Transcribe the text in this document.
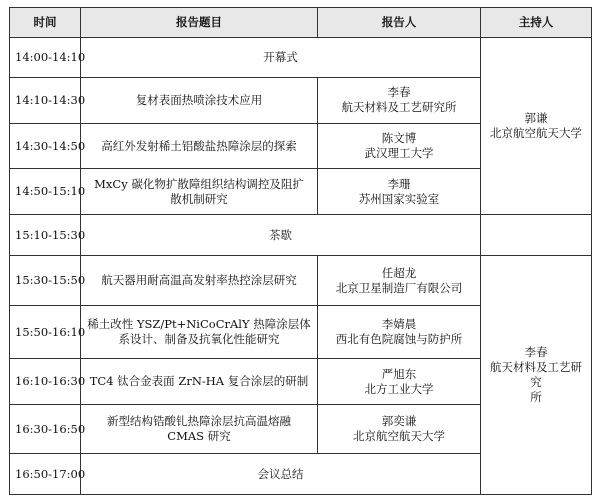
时间	报告题目	报告人	主持人	
14:00-14:10	开幕式		郭谦
北京航空航天大学	

14:10-14:30	复材表面热喷涂技术应用	李春
航天材料及工艺研究所		

14:30-14:50	高红外发射稀土铝酸盐热障涂层的探索	陈文博
武汉理工大学		

14:50-15:10	MxCy 碳化物扩散障组织结构调控及阻扩
散机制研究	李珊
苏州国家实验室		

15:10-15:30	茶歇			
15:30-15:50	航天器用耐高温高发射率热控涂层研究	任超龙
北京卫星制造厂有限公司	李春
航天材料及工艺研究
所	

15:50-16:10	稀土改性 YSZ/Pt+NiCoCrAlY 热障涂层体
系设计、制备及抗氧化性能研究	李婧晨
西北有色院腐蚀与防护所		

16:10-16:30	TC4 钛合金表面 ZrN-HA 复合涂层的研制	严旭东
北方工业大学		

16:30-16:50	新型结构锆酸钆热障涂层抗高温熔融
CMAS 研究	郭奕谦
北京航空航天大学		

16:50-17:00	会议总结			
